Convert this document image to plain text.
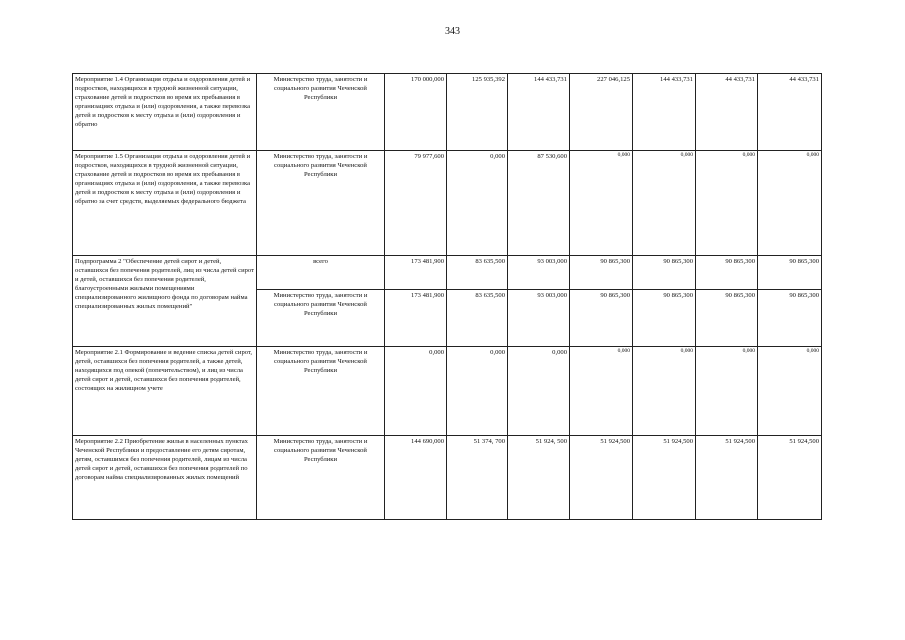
343
Мероприятие 1.4 Организация отдыха и оздоровления детей и подростков, находящихся в трудной жизненной ситуации, страхование детей и подростков во время их пребывания в организациях отдыха и (или) оздоровления, а также перевозка детей и подростков к месту отдыха и (или) оздоровления и обратно	Министерство труда, занятости и социального развития Чеченской Республики	170 000,000	125 935,392	144 433,731	227 046,125	144 433,731	44 433,731	44 433,731
Мероприятие 1.5 Организация отдыха и оздоровления детей и подростков, находящихся в трудной жизненной ситуации, страхование детей и подростков во время их пребывания в организациях отдыха и (или) оздоровления, а также перевозка детей и подростков к месту отдыха и (или) оздоровления и обратно за счет средств, выделяемых федерального бюджета	Министерство труда, занятости и социального развития Чеченской Республики	79 977,600	0,000	87 530,600	0,000	0,000	0,000	0,000
Подпрограмма 2 "Обеспечение детей сирот и детей, оставшихся без попечения родителей, лиц из числа детей сирот и детей, оставшихся без попечения родителей, благоустроенными жилыми помещениями специализированного жилищного фонда по договорам найма специализированных жилых помещений"	всего	173 481,900	83 635,500	93 003,000	90 865,300	90 865,300	90 865,300	90 865,300
	Министерство труда, занятости и социального развития Чеченской Республики	173 481,900	83 635,500	93 003,000	90 865,300	90 865,300	90 865,300	90 865,300
Мероприятие 2.1 Формирование и ведение списка детей сирот, детей, оставшихся без попечения родителей, а также детей, находящихся под опекой (попечительством), и лиц из числа детей сирот и детей, оставшихся без попечения родителей, состоящих на жилищном учете	Министерство труда, занятости и социального развития Чеченской Республики	0,000	0,000	0,000	0,000	0,000	0,000	0,000
Мероприятие 2.2 Приобретение жилья в населенных пунктах Чеченской Республики и предоставление его детям сиротам, детям, оставшимся без попечения родителей, лицам из числа детей сирот и детей, оставшихся без попечения родителей по договорам найма специализированных жилых помещений	Министерство труда, занятости и социального развития Чеченской Республики	144 690,000	51 374, 700	51 924, 500	51 924,500	51 924,500	51 924,500	51 924,500
